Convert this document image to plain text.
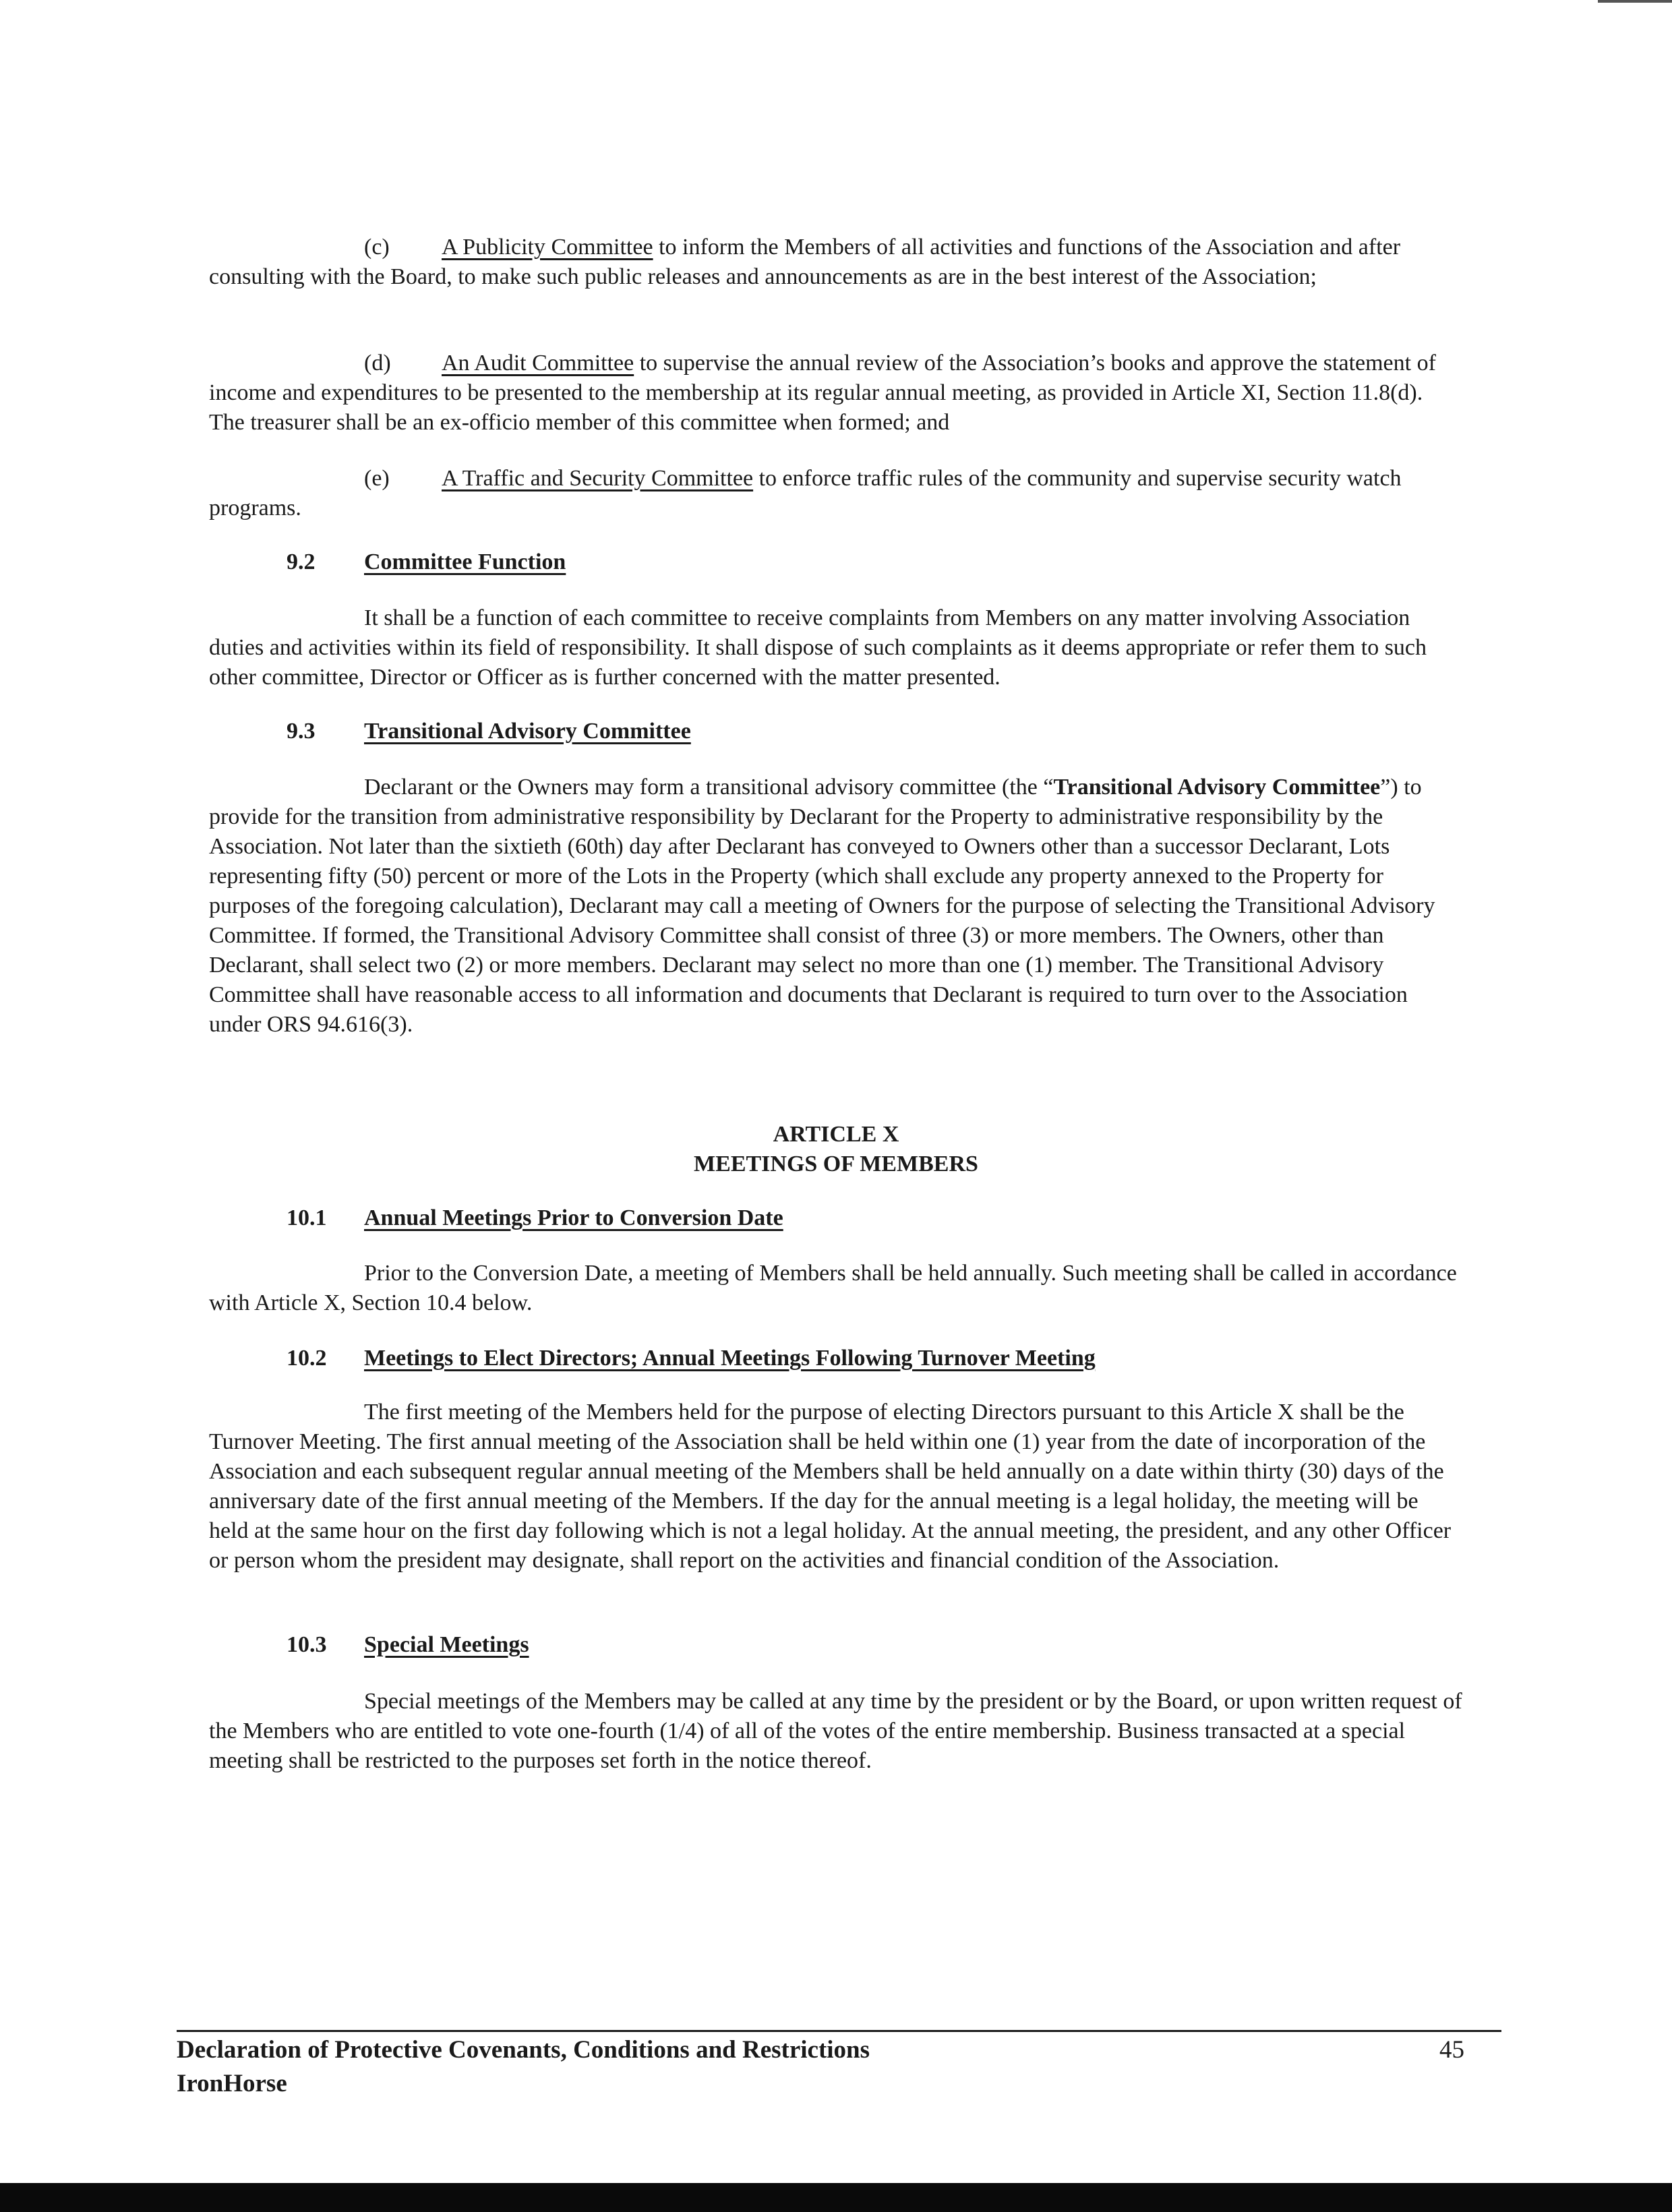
(c) A Publicity Committee to inform the Members of all activities and functions of the Association and after consulting with the Board, to make such public releases and announcements as are in the best interest of the Association;

(d) An Audit Committee to supervise the annual review of the Association’s books and approve the statement of income and expenditures to be presented to the membership at its regular annual meeting, as provided in Article XI, Section 11.8(d). The treasurer shall be an ex-officio member of this committee when formed; and

(e) A Traffic and Security Committee to enforce traffic rules of the community and supervise security watch programs.

9.2 Committee Function

It shall be a function of each committee to receive complaints from Members on any matter involving Association duties and activities within its field of responsibility. It shall dispose of such complaints as it deems appropriate or refer them to such other committee, Director or Officer as is further concerned with the matter presented.

9.3 Transitional Advisory Committee

Declarant or the Owners may form a transitional advisory committee (the “Transitional Advisory Committee”) to provide for the transition from administrative responsibility by Declarant for the Property to administrative responsibility by the Association. Not later than the sixtieth (60th) day after Declarant has conveyed to Owners other than a successor Declarant, Lots representing fifty (50) percent or more of the Lots in the Property (which shall exclude any property annexed to the Property for purposes of the foregoing calculation), Declarant may call a meeting of Owners for the purpose of selecting the Transitional Advisory Committee. If formed, the Transitional Advisory Committee shall consist of three (3) or more members. The Owners, other than Declarant, shall select two (2) or more members. Declarant may select no more than one (1) member. The Transitional Advisory Committee shall have reasonable access to all information and documents that Declarant is required to turn over to the Association under ORS 94.616(3).

ARTICLE X

MEETINGS OF MEMBERS

10.1 Annual Meetings Prior to Conversion Date

Prior to the Conversion Date, a meeting of Members shall be held annually. Such meeting shall be called in accordance with Article X, Section 10.4 below.

10.2 Meetings to Elect Directors; Annual Meetings Following Turnover Meeting

The first meeting of the Members held for the purpose of electing Directors pursuant to this Article X shall be the Turnover Meeting. The first annual meeting of the Association shall be held within one (1) year from the date of incorporation of the Association and each subsequent regular annual meeting of the Members shall be held annually on a date within thirty (30) days of the anniversary date of the first annual meeting of the Members. If the day for the annual meeting is a legal holiday, the meeting will be held at the same hour on the first day following which is not a legal holiday. At the annual meeting, the president, and any other Officer or person whom the president may designate, shall report on the activities and financial condition of the Association.

10.3 Special Meetings

Special meetings of the Members may be called at any time by the president or by the Board, or upon written request of the Members who are entitled to vote one-fourth (1/4) of all of the votes of the entire membership. Business transacted at a special meeting shall be restricted to the purposes set forth in the notice thereof.

Declaration of Protective Covenants, Conditions and Restrictions

IronHorse

45
